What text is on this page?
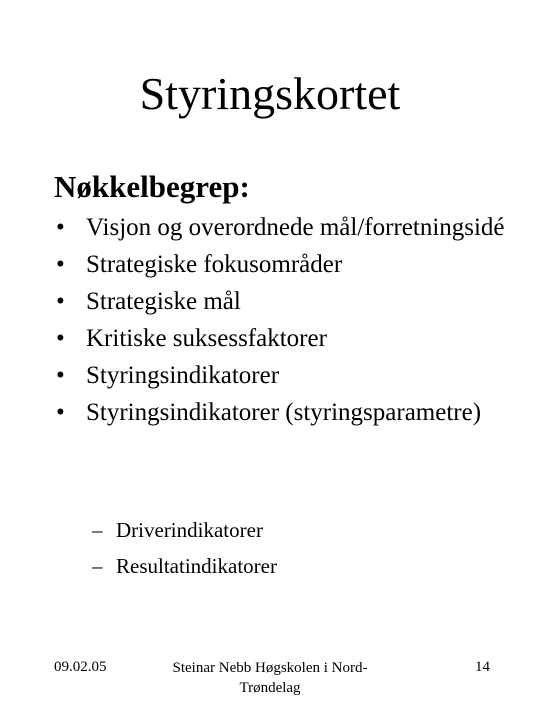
Styringskortet
Nøkkelbegrep:
• Visjon og overordnede mål/forretningsidé
• Strategiske fokusområder
• Strategiske mål
• Kritiske suksessfaktorer
• Styringsindikatorer
• Styringsindikatorer (styringsparametre)
– Driverindikatorer
– Resultatindikatorer
09.02.05	Steinar Nebb Høgskolen i Nord-Trøndelag
14
